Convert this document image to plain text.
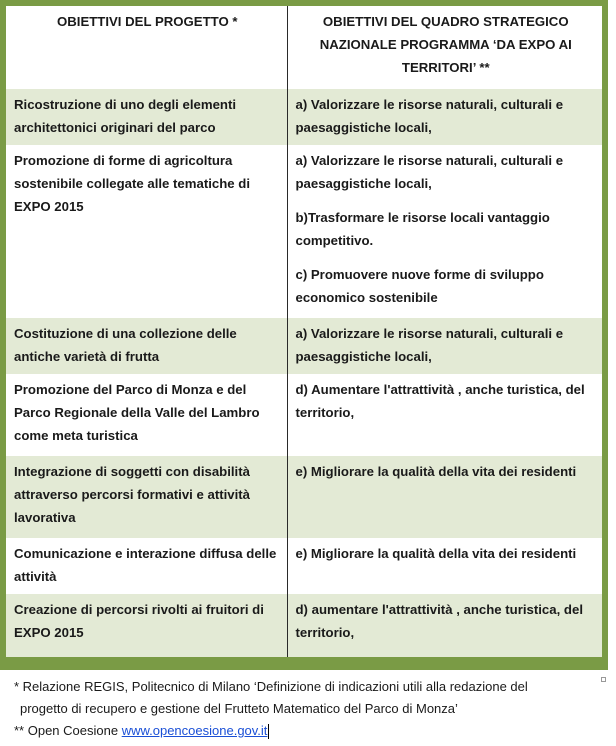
OBIETTIVI DEL PROGETTO *	OBIETTIVI DEL QUADRO STRATEGICO
NAZIONALE PROGRAMMA ‘DA EXPO AI
TERRITORI’ **

Ricostruzione di uno degli elementi architettonici originari del parco	a) Valorizzare le risorse naturali, culturali e paesaggistiche locali,

Promozione di forme di agricoltura sostenibile collegate alle tematiche di EXPO 2015	a) Valorizzare le risorse naturali, culturali e paesaggistiche locali,
b)Trasformare le risorse locali vantaggio competitivo.
c) Promuovere nuove forme di sviluppo economico sostenibile

Costituzione di una collezione delle antiche varietà di frutta	a) Valorizzare le risorse naturali, culturali e paesaggistiche locali,

Promozione del Parco di Monza e del Parco Regionale della Valle del Lambro come meta turistica	d) Aumentare l'attrattività , anche turistica, del territorio,

Integrazione di soggetti con disabilità attraverso percorsi formativi e attività lavorativa	e) Migliorare la qualità della vita dei residenti

Comunicazione e interazione diffusa delle attività	e) Migliorare la qualità della vita dei residenti

Creazione di percorsi rivolti ai fruitori di EXPO 2015	d) aumentare l'attrattività , anche turistica, del territorio,

* Relazione REGIS, Politecnico di Milano ‘Definizione di indicazioni utili alla redazione del

progetto di recupero e gestione del Frutteto Matematico del Parco di Monza’

** Open Coesione www.opencoesione.gov.it
